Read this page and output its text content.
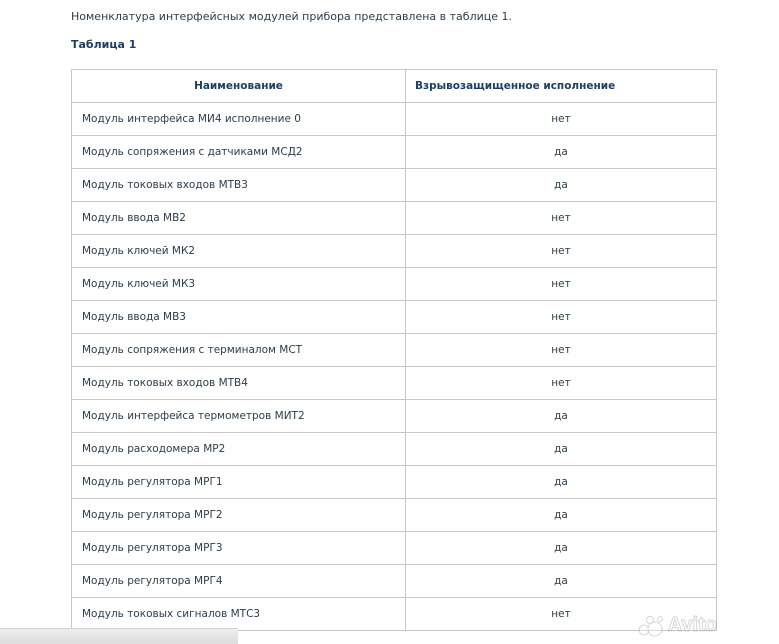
Номенклатура интерфейсных модулей прибора представлена в таблице 1.
Таблица 1
Наименование	Взрывозащищенное исполнение
Модуль интерфейса МИ4 исполнение 0	нет
Модуль сопряжения с датчиками МСД2	да
Модуль токовых входов МТВ3	да
Модуль ввода МВ2	нет
Модуль ключей МК2	нет
Модуль ключей МК3	нет
Модуль ввода МВ3	нет
Модуль сопряжения с терминалом МСТ	нет
Модуль токовых входов МТВ4	нет
Модуль интерфейса термометров МИТ2	да
Модуль расходомера МР2	да
Модуль регулятора МРГ1	да
Модуль регулятора МРГ2	да
Модуль регулятора МРГ3	да
Модуль регулятора МРГ4	да
Модуль токовых сигналов МТС3	нет	Avito
